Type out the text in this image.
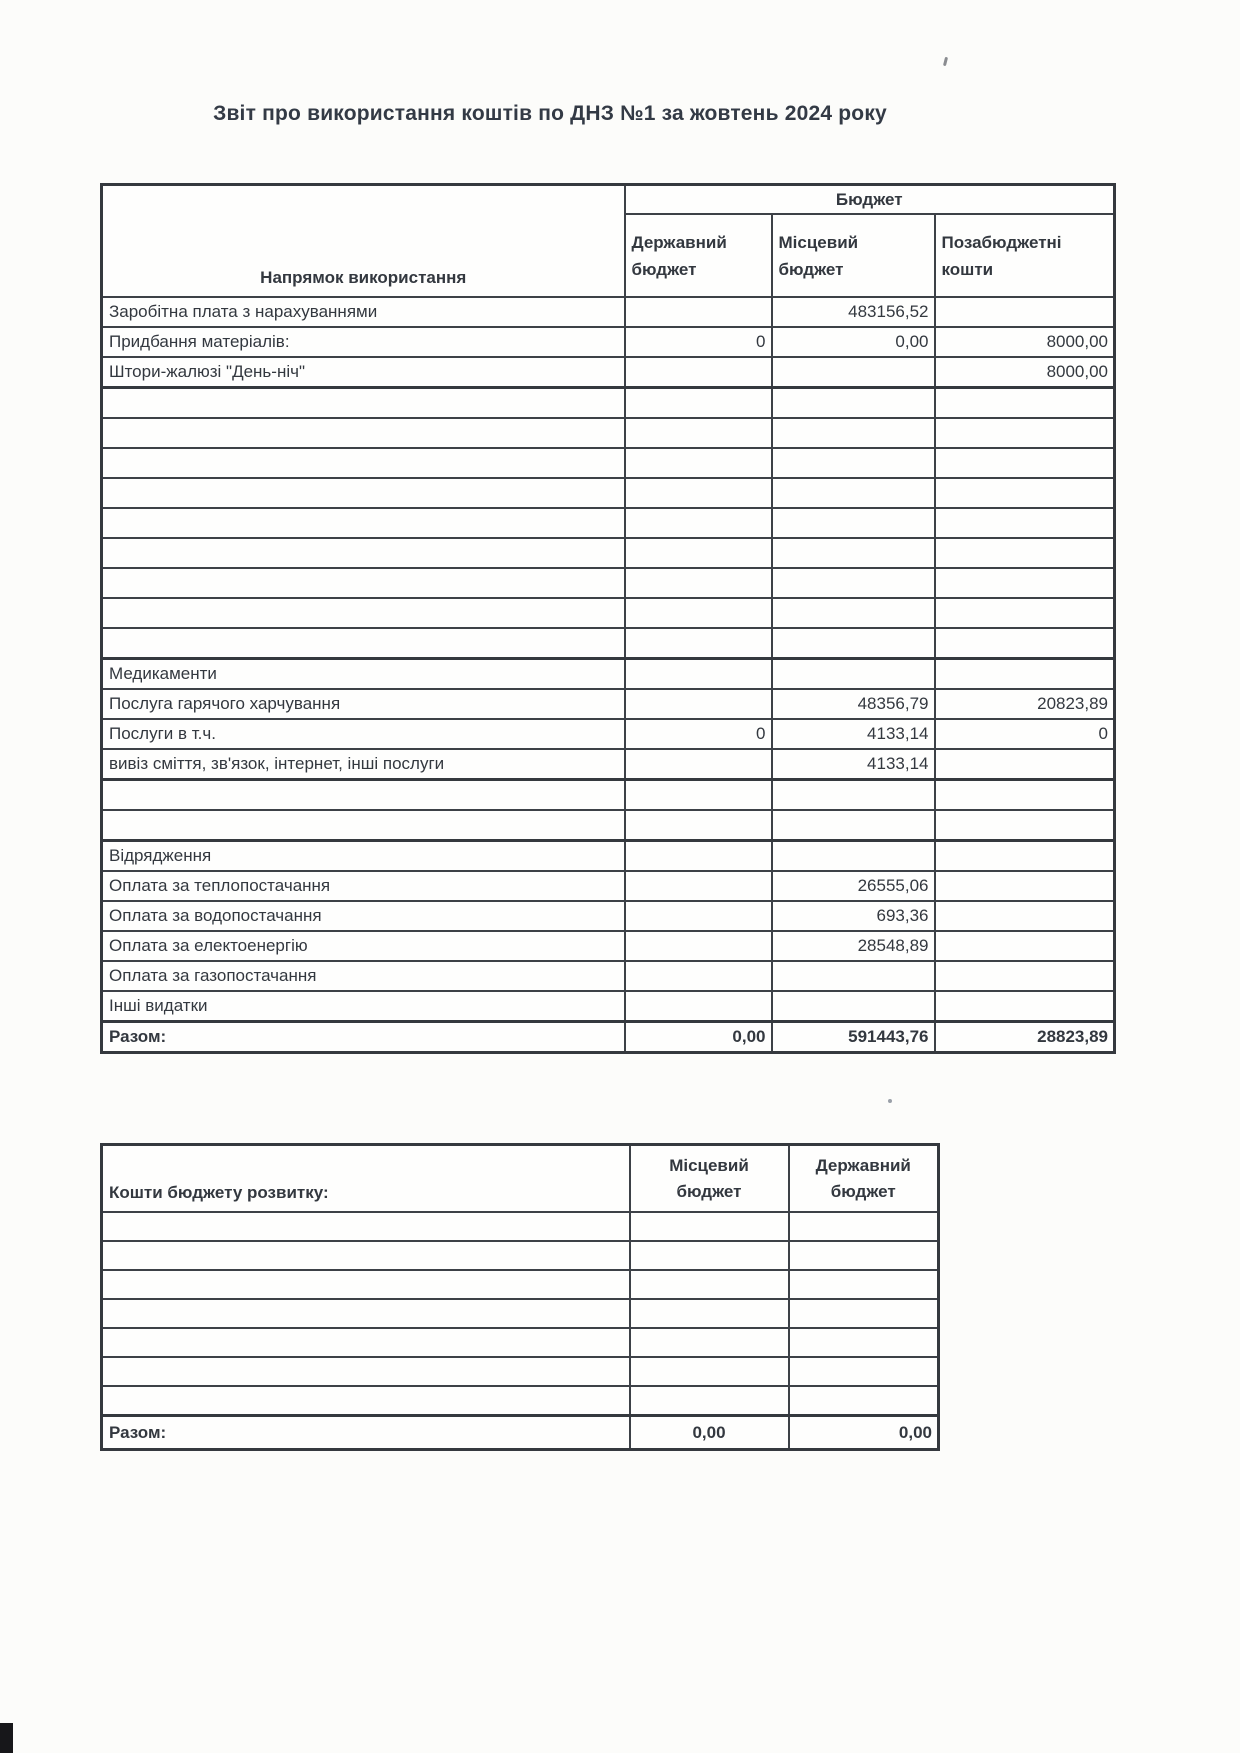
Звіт про використання коштів по ДНЗ №1 за жовтень 2024 року
Напрямок використання	Бюджет		
	Державний бюджет	Місцевий бюджет	Позабюджетні кошти
Заробітна плата з нарахуваннями		483156,52	
Придбання матеріалів:	0	0,00	8000,00
Штори-жалюзі "День-ніч"			8000,00

Медикаменти			
Послуга гарячого харчування		48356,79	20823,89
Послуги в т.ч.	0	4133,14	0
вивіз сміття, зв'язок, інтернет, інші послуги		4133,14	

Відрядження			
Оплата за теплопостачання		26555,06	
Оплата за водопостачання		693,36	
Оплата за електоенергію		28548,89	
Оплата за газопостачання			
Інші видатки			
Разом:	0,00	591443,76	28823,89
Кошти бюджету розвитку:	Місцевий бюджет	Державний бюджет

Разом:	0,00	0,00
